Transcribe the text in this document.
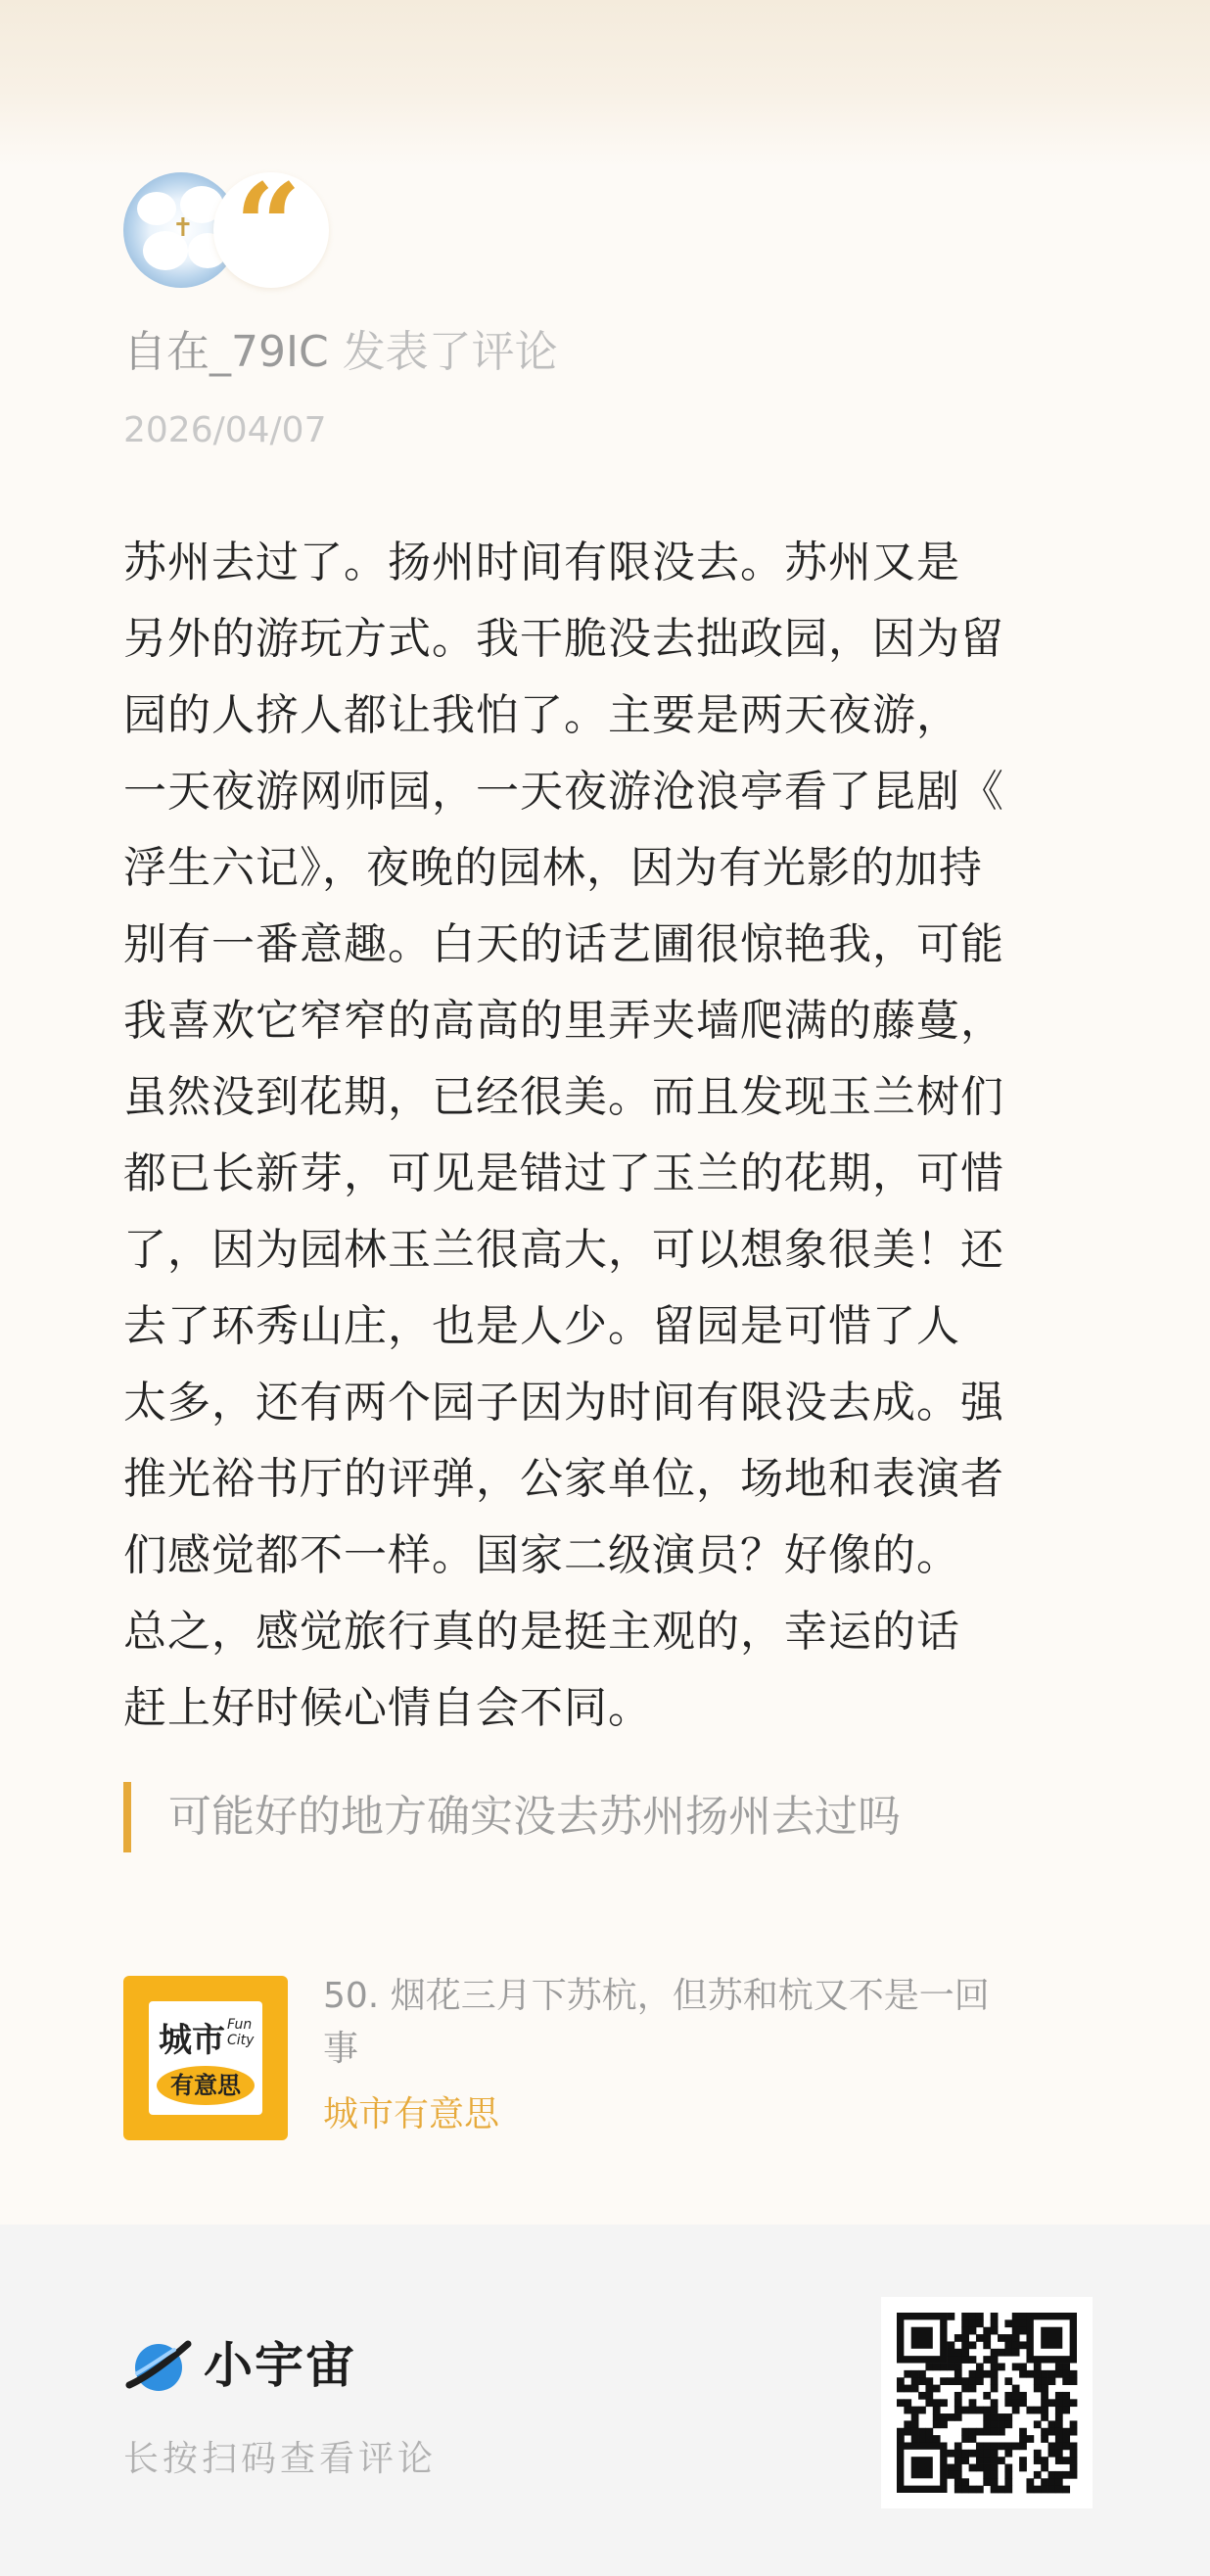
✝ “
自在_79IC 发表了评论
2026/04/07
苏州去过了。扬州时间有限没去。苏州又是
另外的游玩方式。我干脆没去拙政园，因为留
园的人挤人都让我怕了。主要是两天夜游，
一天夜游网师园，一天夜游沧浪亭看了昆剧《
浮生六记》，夜晚的园林，因为有光影的加持
别有一番意趣。白天的话艺圃很惊艳我，可能
我喜欢它窄窄的高高的里弄夹墙爬满的藤蔓，
虽然没到花期，已经很美。而且发现玉兰树们
都已长新芽，可见是错过了玉兰的花期，可惜
了，因为园林玉兰很高大，可以想象很美！还
去了环秀山庄，也是人少。留园是可惜了人
太多，还有两个园子因为时间有限没去成。强
推光裕书厅的评弹，公家单位，场地和表演者
们感觉都不一样。国家二级演员？好像的。
总之，感觉旅行真的是挺主观的，幸运的话
赶上好时候心情自会不同。
可能好的地方确实没去苏州扬州去过吗
城市 Fun
City
有意思
50. 烟花三月下苏杭，但苏和杭又不是一回事
城市有意思
小宇宙
长按扫码查看评论
